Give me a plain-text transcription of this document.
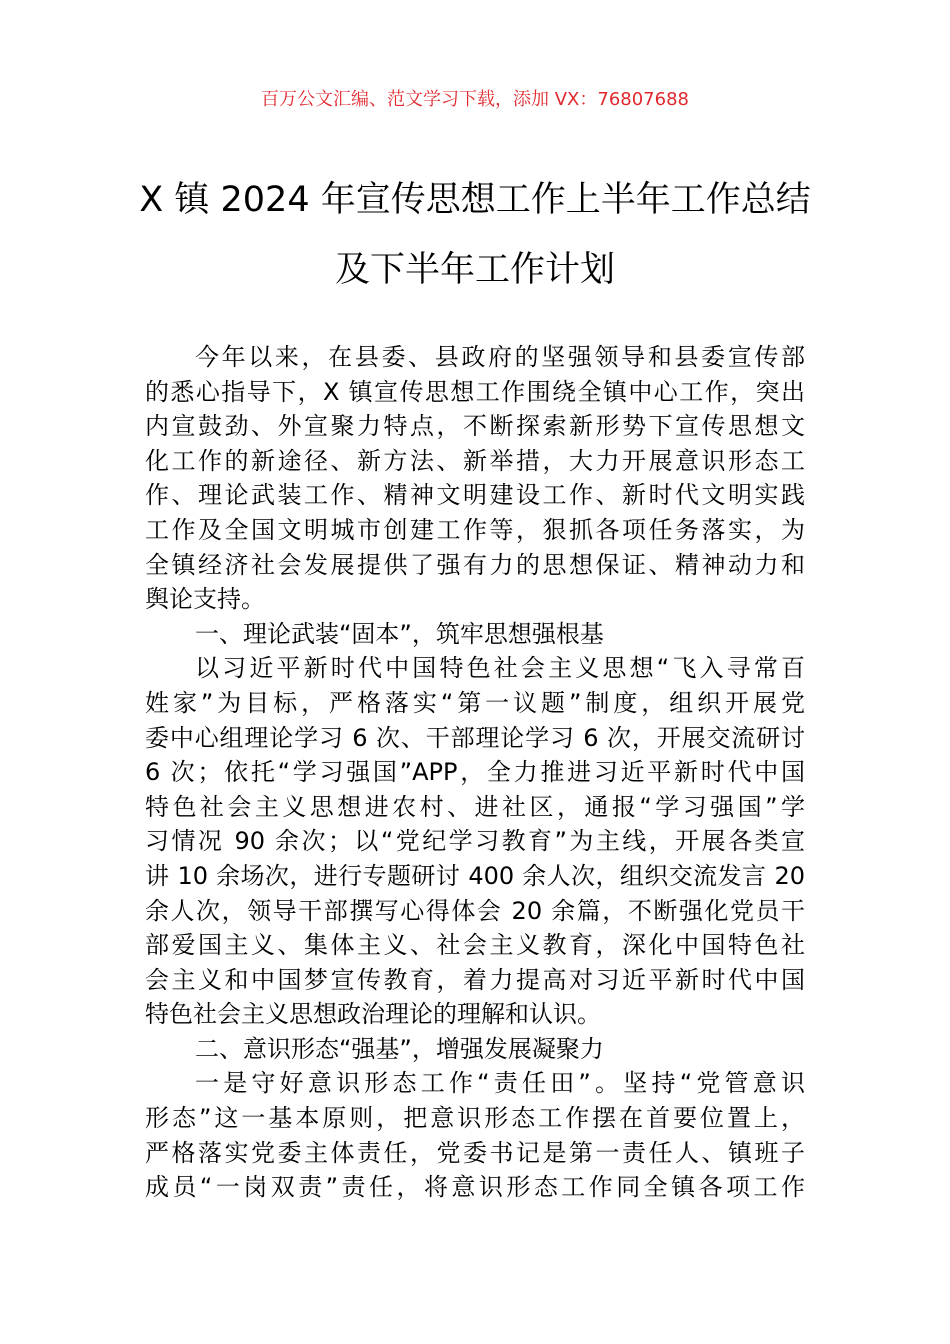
百万公文汇编、范文学习下载，添加 VX：76807688
X 镇 2024 年宣传思想工作上半年工作总结
及下半年工作计划
今年以来，在县委、县政府的坚强领导和县委宣传部
的悉心指导下，X 镇宣传思想工作围绕全镇中心工作，突出
内宣鼓劲、外宣聚力特点，不断探索新形势下宣传思想文
化工作的新途径、新方法、新举措，大力开展意识形态工
作、理论武装工作、精神文明建设工作、新时代文明实践
工作及全国文明城市创建工作等，狠抓各项任务落实，为
全镇经济社会发展提供了强有力的思想保证、精神动力和
舆论支持。
一、理论武装“固本”，筑牢思想强根基
以习近平新时代中国特色社会主义思想“飞入寻常百
姓家”为目标，严格落实“第一议题”制度，组织开展党
委中心组理论学习 6 次、干部理论学习 6 次，开展交流研讨
6 次；依托“学习强国”APP，全力推进习近平新时代中国
特色社会主义思想进农村、进社区，通报“学习强国”学
习情况 90 余次；以“党纪学习教育”为主线，开展各类宣
讲 10 余场次，进行专题研讨 400 余人次，组织交流发言 20
余人次，领导干部撰写心得体会 20 余篇，不断强化党员干
部爱国主义、集体主义、社会主义教育，深化中国特色社
会主义和中国梦宣传教育，着力提高对习近平新时代中国
特色社会主义思想政治理论的理解和认识。
二、意识形态“强基”，增强发展凝聚力
一是守好意识形态工作“责任田”。坚持“党管意识
形态”这一基本原则，把意识形态工作摆在首要位置上，
严格落实党委主体责任，党委书记是第一责任人、镇班子
成员“一岗双责”责任，将意识形态工作同全镇各项工作
